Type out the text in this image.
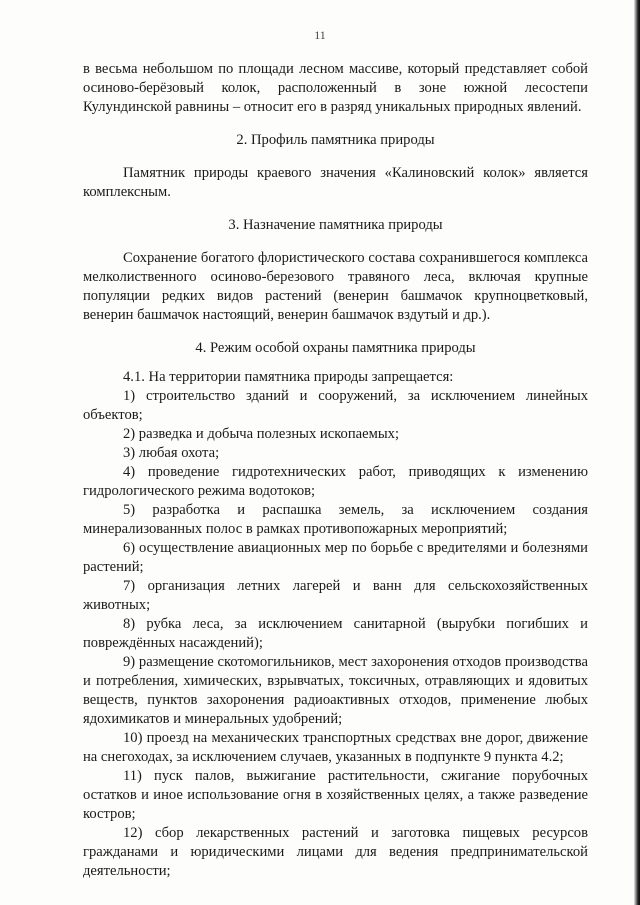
11

в весьма небольшом по площади лесном массиве, который представляет собой осиново-берёзовый колок, расположенный в зоне южной лесостепи Кулундинской равнины – относит его в разряд уникальных природных явлений.

2. Профиль памятника природы

Памятник природы краевого значения «Калиновский колок» является комплексным.

3. Назначение памятника природы

Сохранение богатого флористического состава сохранившегося комплекса мелколиственного осиново-березового травяного леса, включая крупные популяции редких видов растений (венерин башмачок крупноцветковый, венерин башмачок настоящий, венерин башмачок вздутый и др.).

4. Режим особой охраны памятника природы

4.1. На территории памятника природы запрещается:

1) строительство зданий и сооружений, за исключением линейных объектов;

2) разведка и добыча полезных ископаемых;

3) любая охота;

4) проведение гидротехнических работ, приводящих к изменению гидрологического режима водотоков;

5) разработка и распашка земель, за исключением создания минерализованных полос в рамках противопожарных мероприятий;

6) осуществление авиационных мер по борьбе с вредителями и болезнями растений;

7) организация летних лагерей и ванн для сельскохозяйственных животных;

8) рубка леса, за исключением санитарной (вырубки погибших и повреждённых насаждений);

9) размещение скотомогильников, мест захоронения отходов производства и потребления, химических, взрывчатых, токсичных, отравляющих и ядовитых веществ, пунктов захоронения радиоактивных отходов, применение любых ядохимикатов и минеральных удобрений;

10) проезд на механических транспортных средствах вне дорог, движение на снегоходах, за исключением случаев, указанных в подпункте 9 пункта 4.2;

11) пуск палов, выжигание растительности, сжигание порубочных остатков и иное использование огня в хозяйственных целях, а также разведение костров;

12) сбор лекарственных растений и заготовка пищевых ресурсов гражданами и юридическими лицами для ведения предпринимательской деятельности;
